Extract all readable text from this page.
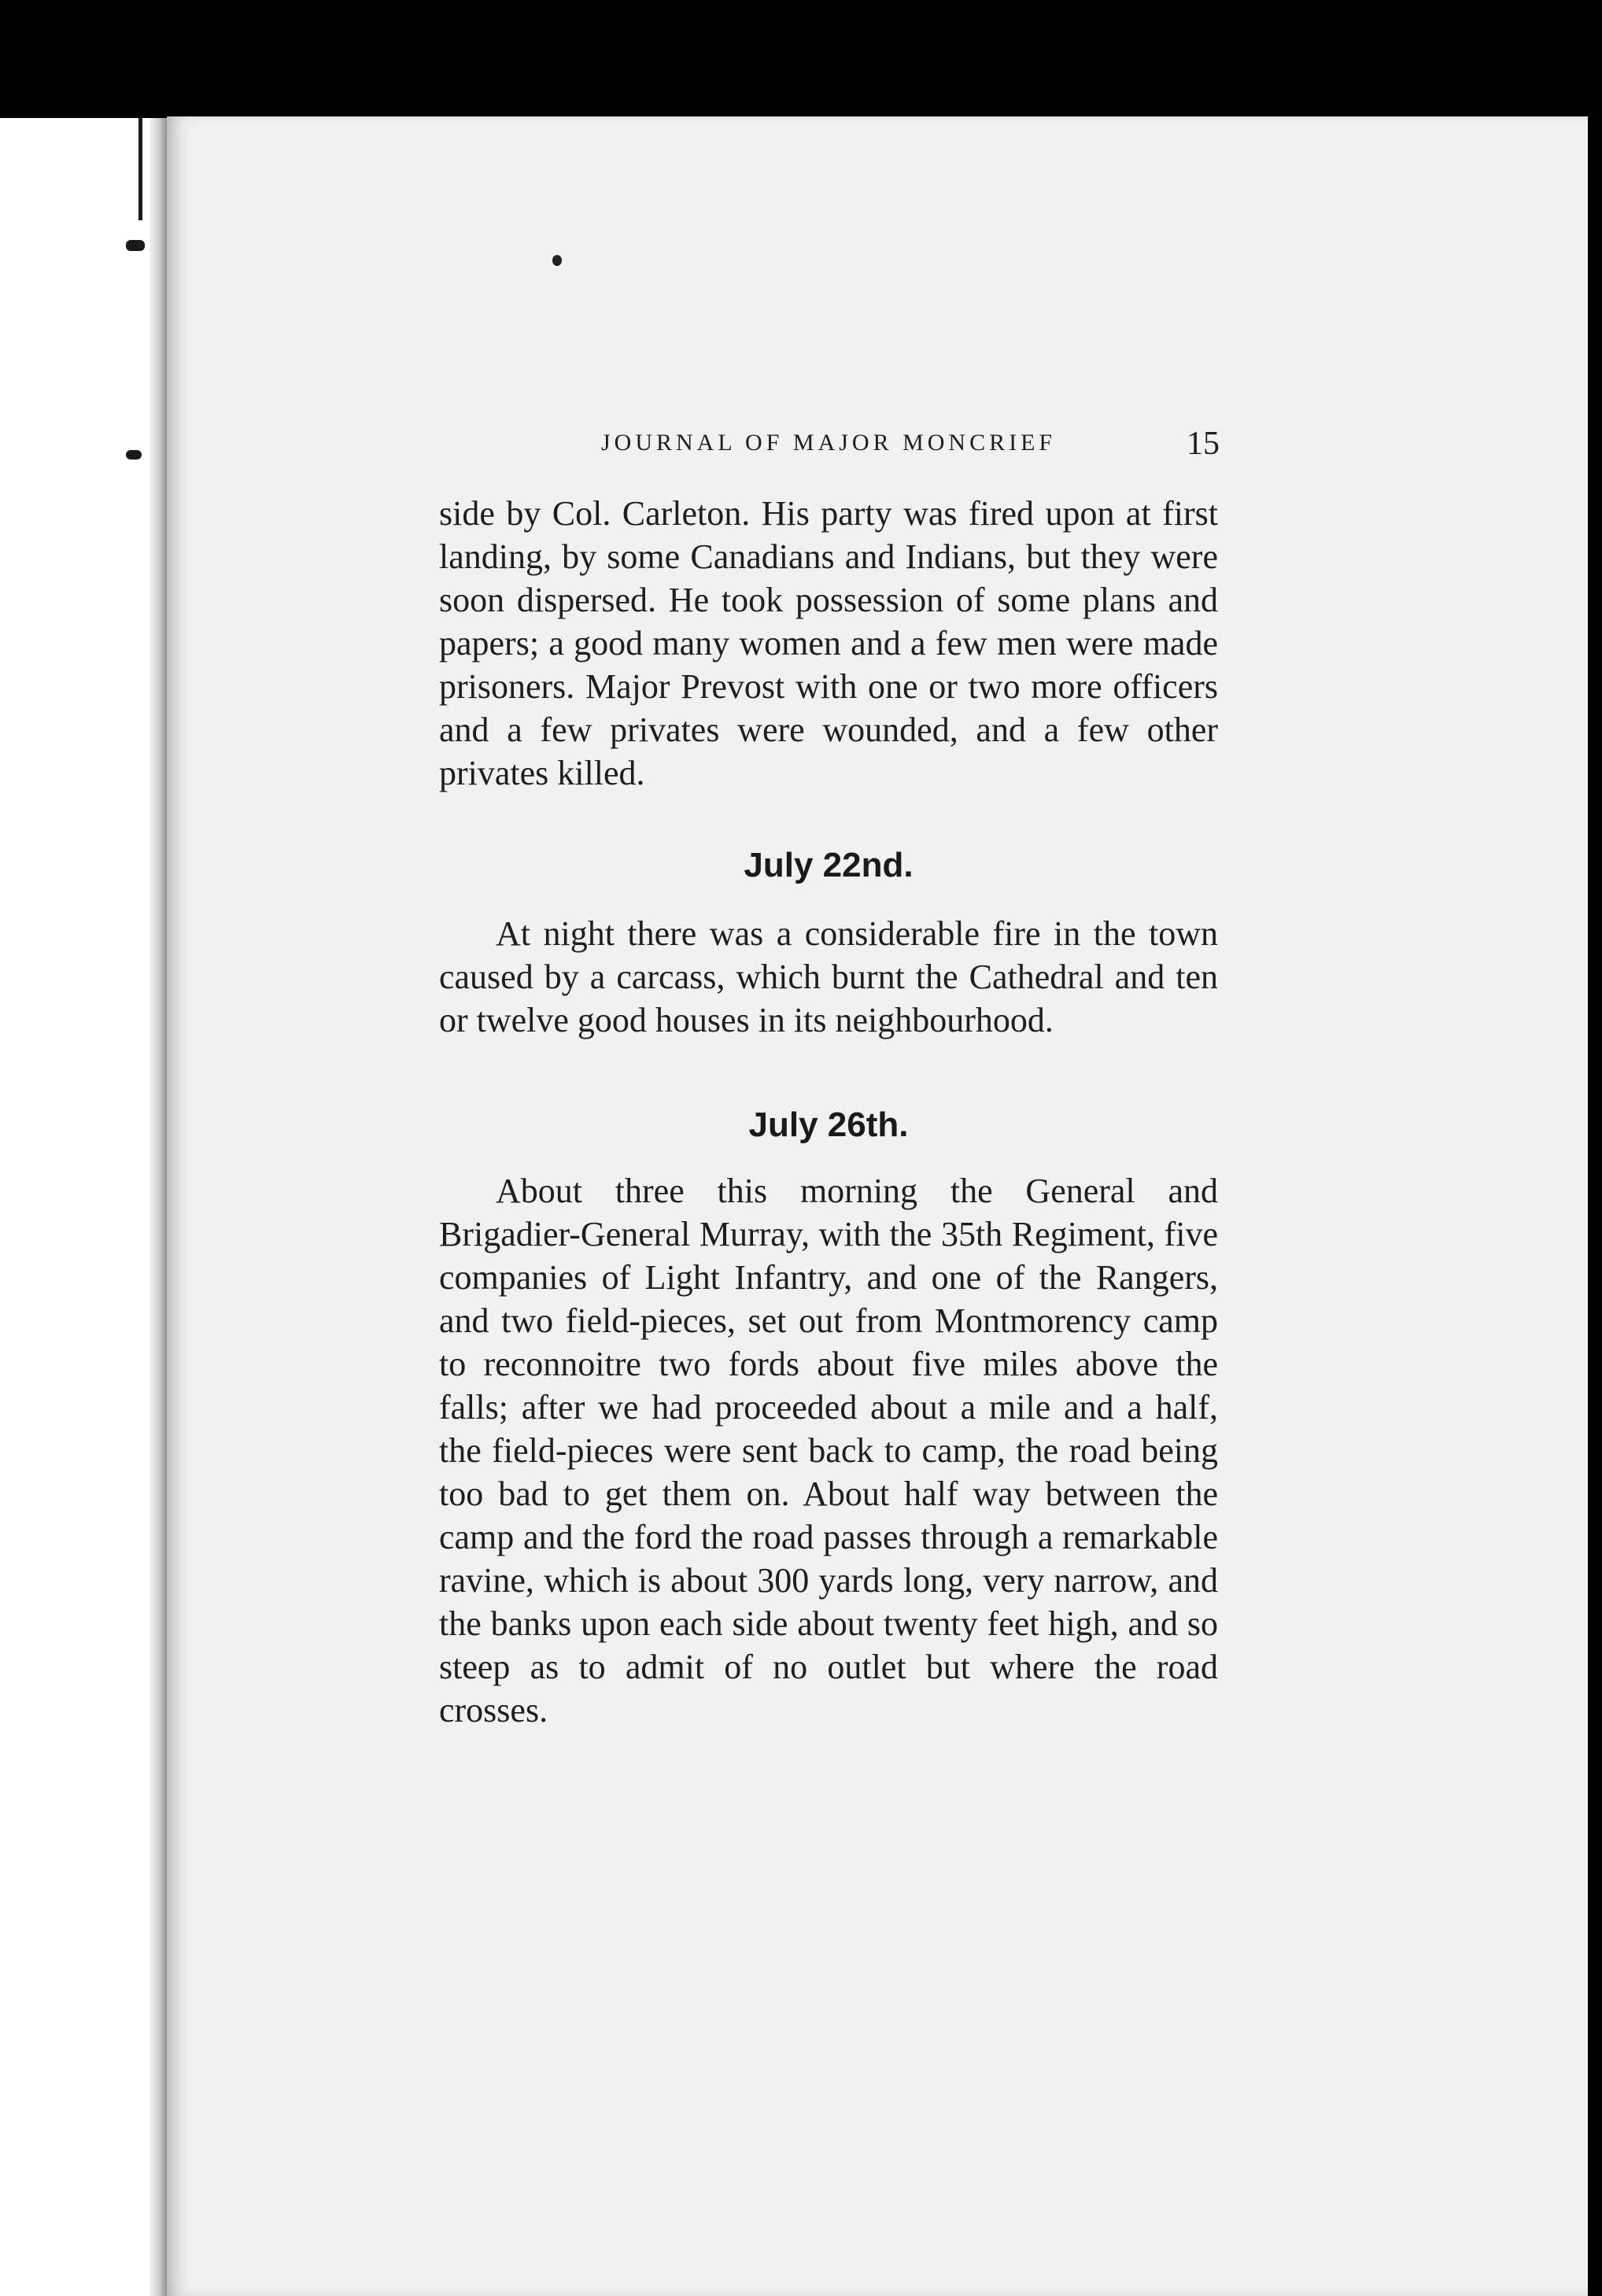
JOURNAL OF MAJOR MONCRIEF	15

side by Col. Carleton. His party was fired upon at first landing, by some Canadians and Indians, but they were soon dispersed. He took possession of some plans and papers; a good many women and a few men were made prisoners. Major Prevost with one or two more officers and a few privates were wounded, and a few other privates killed.

July 22nd.

At night there was a considerable fire in the town caused by a carcass, which burnt the Cathedral and ten or twelve good houses in its neighbourhood.

July 26th.

About three this morning the General and Brigadier-General Murray, with the 35th Regiment, five companies of Light Infantry, and one of the Rangers, and two field-pieces, set out from Montmorency camp to reconnoitre two fords about five miles above the falls; after we had proceeded about a mile and a half, the field-pieces were sent back to camp, the road being too bad to get them on. About half way between the camp and the ford the road passes through a remarkable ravine, which is about 300 yards long, very narrow, and the banks upon each side about twenty feet high, and so steep as to admit of no outlet but where the road crosses.
